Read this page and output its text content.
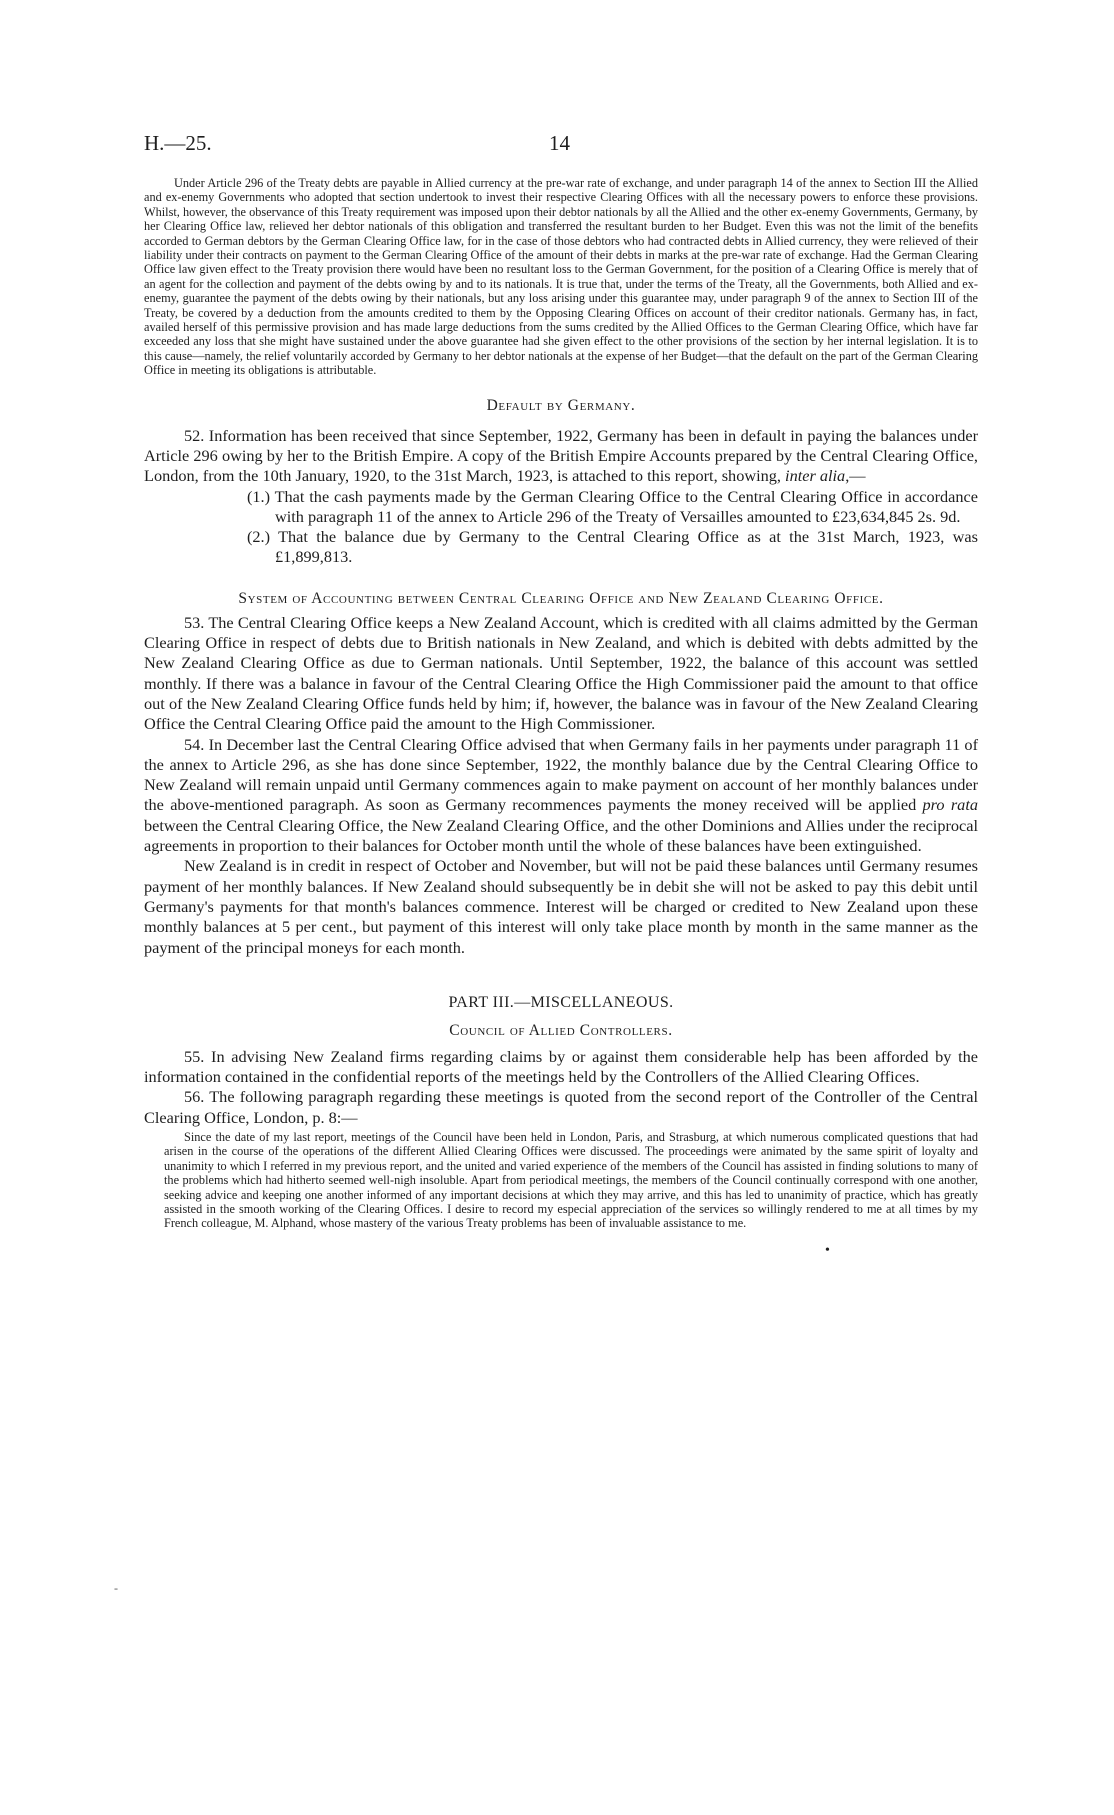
H.—25.	14

Under Article 296 of the Treaty debts are payable in Allied currency at the pre-war rate of exchange, and under paragraph 14 of the annex to Section III the Allied and ex-enemy Governments who adopted that section undertook to invest their respective Clearing Offices with all the necessary powers to enforce these provisions. Whilst, however, the observance of this Treaty requirement was imposed upon their debtor nationals by all the Allied and the other ex-enemy Governments, Germany, by her Clearing Office law, relieved her debtor nationals of this obligation and transferred the resultant burden to her Budget. Even this was not the limit of the benefits accorded to German debtors by the German Clearing Office law, for in the case of those debtors who had contracted debts in Allied currency, they were relieved of their liability under their contracts on payment to the German Clearing Office of the amount of their debts in marks at the pre-war rate of exchange. Had the German Clearing Office law given effect to the Treaty provision there would have been no resultant loss to the German Government, for the position of a Clearing Office is merely that of an agent for the collection and payment of the debts owing by and to its nationals. It is true that, under the terms of the Treaty, all the Governments, both Allied and ex-enemy, guarantee the payment of the debts owing by their nationals, but any loss arising under this guarantee may, under paragraph 9 of the annex to Section III of the Treaty, be covered by a deduction from the amounts credited to them by the Opposing Clearing Offices on account of their creditor nationals. Germany has, in fact, availed herself of this permissive provision and has made large deductions from the sums credited by the Allied Offices to the German Clearing Office, which have far exceeded any loss that she might have sustained under the above guarantee had she given effect to the other provisions of the section by her internal legislation. It is to this cause—namely, the relief voluntarily accorded by Germany to her debtor nationals at the expense of her Budget—that the default on the part of the German Clearing Office in meeting its obligations is attributable.

Default by Germany.

52. Information has been received that since September, 1922, Germany has been in default in paying the balances under Article 296 owing by her to the British Empire. A copy of the British Empire Accounts prepared by the Central Clearing Office, London, from the 10th January, 1920, to the 31st March, 1923, is attached to this report, showing, inter alia,—

(1.) That the cash payments made by the German Clearing Office to the Central Clearing Office in accordance with paragraph 11 of the annex to Article 296 of the Treaty of Versailles amounted to £23,634,845 2s. 9d.

(2.) That the balance due by Germany to the Central Clearing Office as at the 31st March, 1923, was £1,899,813.

System of Accounting between Central Clearing Office and New Zealand Clearing Office.

53. The Central Clearing Office keeps a New Zealand Account, which is credited with all claims admitted by the German Clearing Office in respect of debts due to British nationals in New Zealand, and which is debited with debts admitted by the New Zealand Clearing Office as due to German nationals. Until September, 1922, the balance of this account was settled monthly. If there was a balance in favour of the Central Clearing Office the High Commissioner paid the amount to that office out of the New Zealand Clearing Office funds held by him; if, however, the balance was in favour of the New Zealand Clearing Office the Central Clearing Office paid the amount to the High Commissioner.

54. In December last the Central Clearing Office advised that when Germany fails in her payments under paragraph 11 of the annex to Article 296, as she has done since September, 1922, the monthly balance due by the Central Clearing Office to New Zealand will remain unpaid until Germany commences again to make payment on account of her monthly balances under the above-mentioned paragraph. As soon as Germany recommences payments the money received will be applied pro rata between the Central Clearing Office, the New Zealand Clearing Office, and the other Dominions and Allies under the reciprocal agreements in proportion to their balances for October month until the whole of these balances have been extinguished.

New Zealand is in credit in respect of October and November, but will not be paid these balances until Germany resumes payment of her monthly balances. If New Zealand should subsequently be in debit she will not be asked to pay this debit until Germany's payments for that month's balances commence. Interest will be charged or credited to New Zealand upon these monthly balances at 5 per cent., but payment of this interest will only take place month by month in the same manner as the payment of the principal moneys for each month.

PART III.—MISCELLANEOUS.
Council of Allied Controllers.

55. In advising New Zealand firms regarding claims by or against them considerable help has been afforded by the information contained in the confidential reports of the meetings held by the Controllers of the Allied Clearing Offices.

56. The following paragraph regarding these meetings is quoted from the second report of the Controller of the Central Clearing Office, London, p. 8:—

Since the date of my last report, meetings of the Council have been held in London, Paris, and Strasburg, at which numerous complicated questions that had arisen in the course of the operations of the different Allied Clearing Offices were discussed. The proceedings were animated by the same spirit of loyalty and unanimity to which I referred in my previous report, and the united and varied experience of the members of the Council has assisted in finding solutions to many of the problems which had hitherto seemed well-nigh insoluble. Apart from periodical meetings, the members of the Council continually correspond with one another, seeking advice and keeping one another informed of any important decisions at which they may arrive, and this has led to unanimity of practice, which has greatly assisted in the smooth working of the Clearing Offices. I desire to record my especial appreciation of the services so willingly rendered to me at all times by my French colleague, M. Alphand, whose mastery of the various Treaty problems has been of invaluable assistance to me.

•
-
